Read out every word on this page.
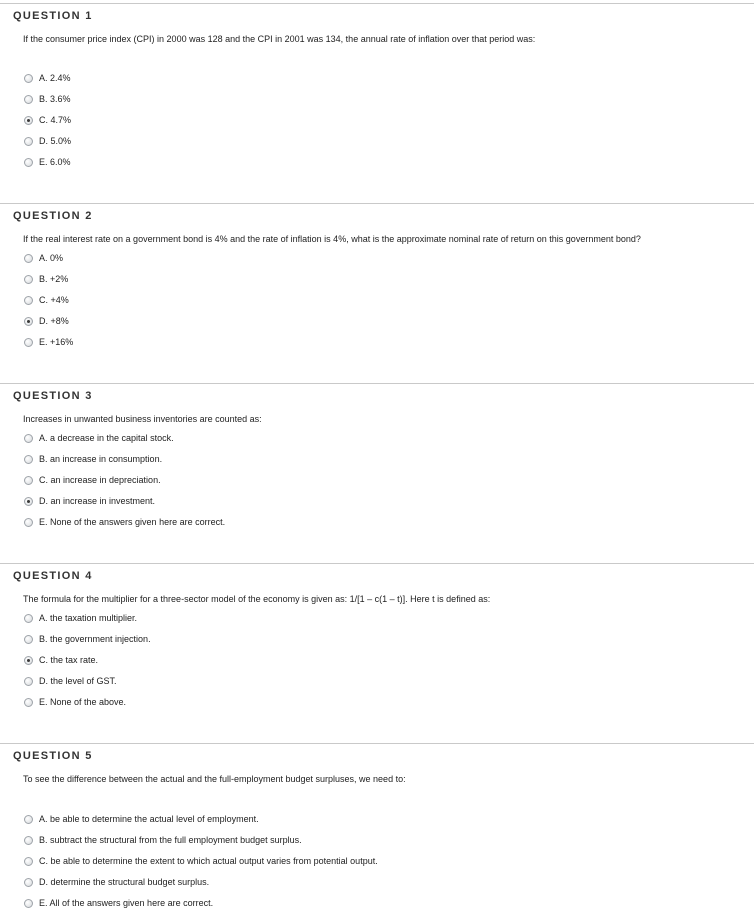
QUESTION 1

If the consumer price index (CPI) in 2000 was 128 and the CPI in 2001 was 134, the annual rate of inflation over that period was:

A. 2.4%
B. 3.6%
C. 4.7%
D. 5.0%
E. 6.0%
QUESTION 2

If the real interest rate on a government bond is 4% and the rate of inflation is 4%, what is the approximate nominal rate of return on this government bond?

A. 0%
B. +2%
C. +4%
D. +8%
E. +16%
QUESTION 3

Increases in unwanted business inventories are counted as:

A. a decrease in the capital stock.
B. an increase in consumption.
C. an increase in depreciation.
D. an increase in investment.
E. None of the answers given here are correct.
QUESTION 4

The formula for the multiplier for a three-sector model of the economy is given as: 1/[1 – c(1 – t)]. Here t is defined as:

A. the taxation multiplier.
B. the government injection.
C. the tax rate.
D. the level of GST.
E. None of the above.
QUESTION 5

To see the difference between the actual and the full-employment budget surpluses, we need to:

A. be able to determine the actual level of employment.
B. subtract the structural from the full employment budget surplus.
C. be able to determine the extent to which actual output varies from potential output.
D. determine the structural budget surplus.
E. All of the answers given here are correct.
